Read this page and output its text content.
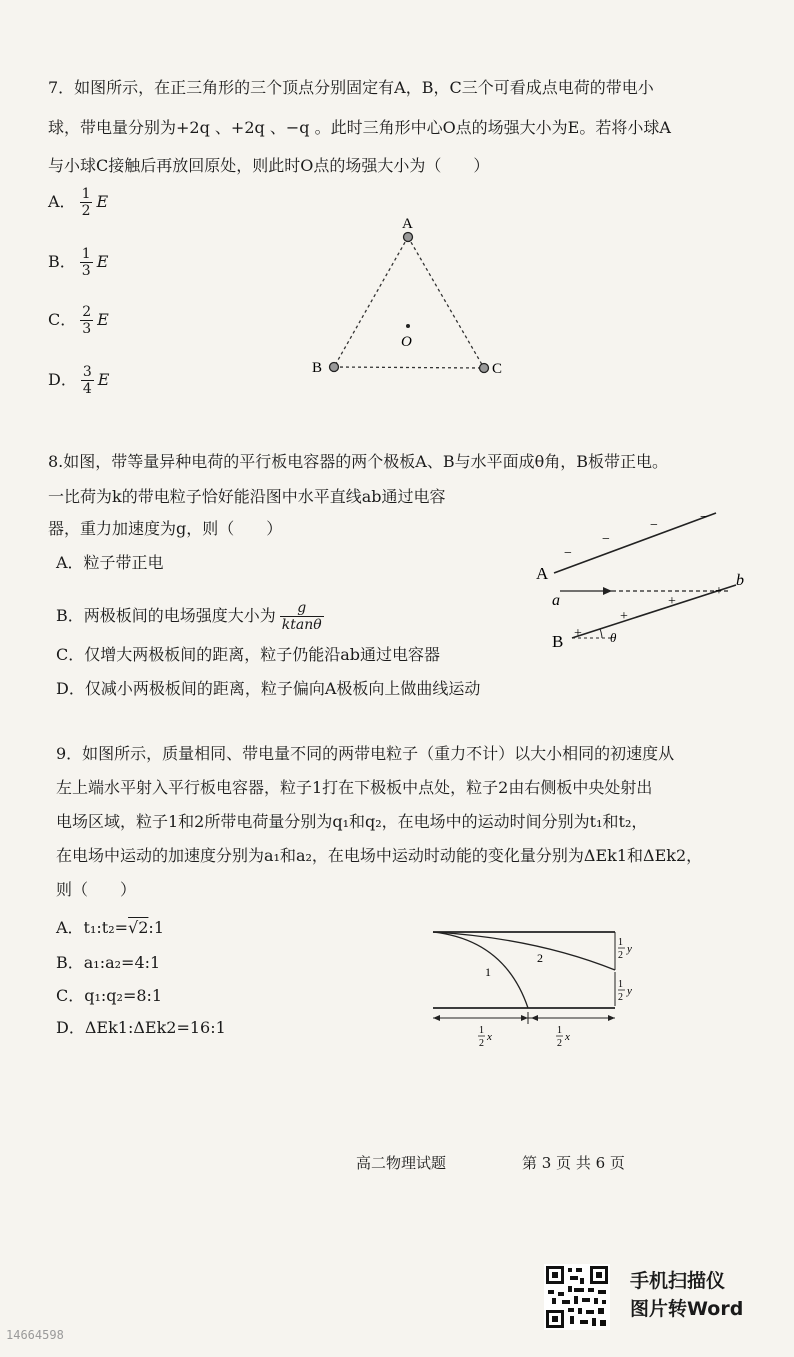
7．如图所示，在正三角形的三个顶点分别固定有A，B，C三个可看成点电荷的带电小
球，带电量分别为+2q 、+2q 、−q 。此时三角形中心O点的场强大小为E。若将小球A
与小球C接触后再放回原处，则此时O点的场强大小为（　　）
A． $\frac{1}{2}$ E
B． $\frac{1}{3}$ E
C． $\frac{2}{3}$ E
D． $\frac{3}{4}$ E
A
B	C
O
8.如图，带等量异种电荷的平行板电容器的两个极板A、B与水平面成θ角，B板带正电。
一比荷为k的带电粒子恰好能沿图中水平直线ab通过电容
器，重力加速度为g，则（　　）
A．粒子带正电
B．两极板间的电场强度大小为 $\frac{g}{ktan\theta}$
C．仅增大两极板间的距离，粒子仍能沿ab通过电容器
D．仅减小两极板间的距离，粒子偏向A极板向上做曲线运动
−
−
−
−
+
+
+
+
A
B
a
b
θ
9．如图所示，质量相同、带电量不同的两带电粒子（重力不计）以大小相同的初速度从
左上端水平射入平行板电容器，粒子1打在下极板中点处，粒子2由右侧板中央处射出
电场区域，粒子1和2所带电荷量分别为q₁和q₂，在电场中的运动时间分别为t₁和t₂，
在电场中运动的加速度分别为a₁和a₂，在电场中运动时动能的变化量分别为ΔEk1和ΔEk2，
则（　　）
A．t₁:t₂=√2:1
B．a₁:a₂=4:1
C．q₁:q₂=8:1
D．ΔEk1:ΔEk2=16:1
1
2
1
2
y
1
2
y
1
2
x
1
2
x
高二物理试题	第 3 页 共 6 页
14664598
手机扫描仪
图片转Word
